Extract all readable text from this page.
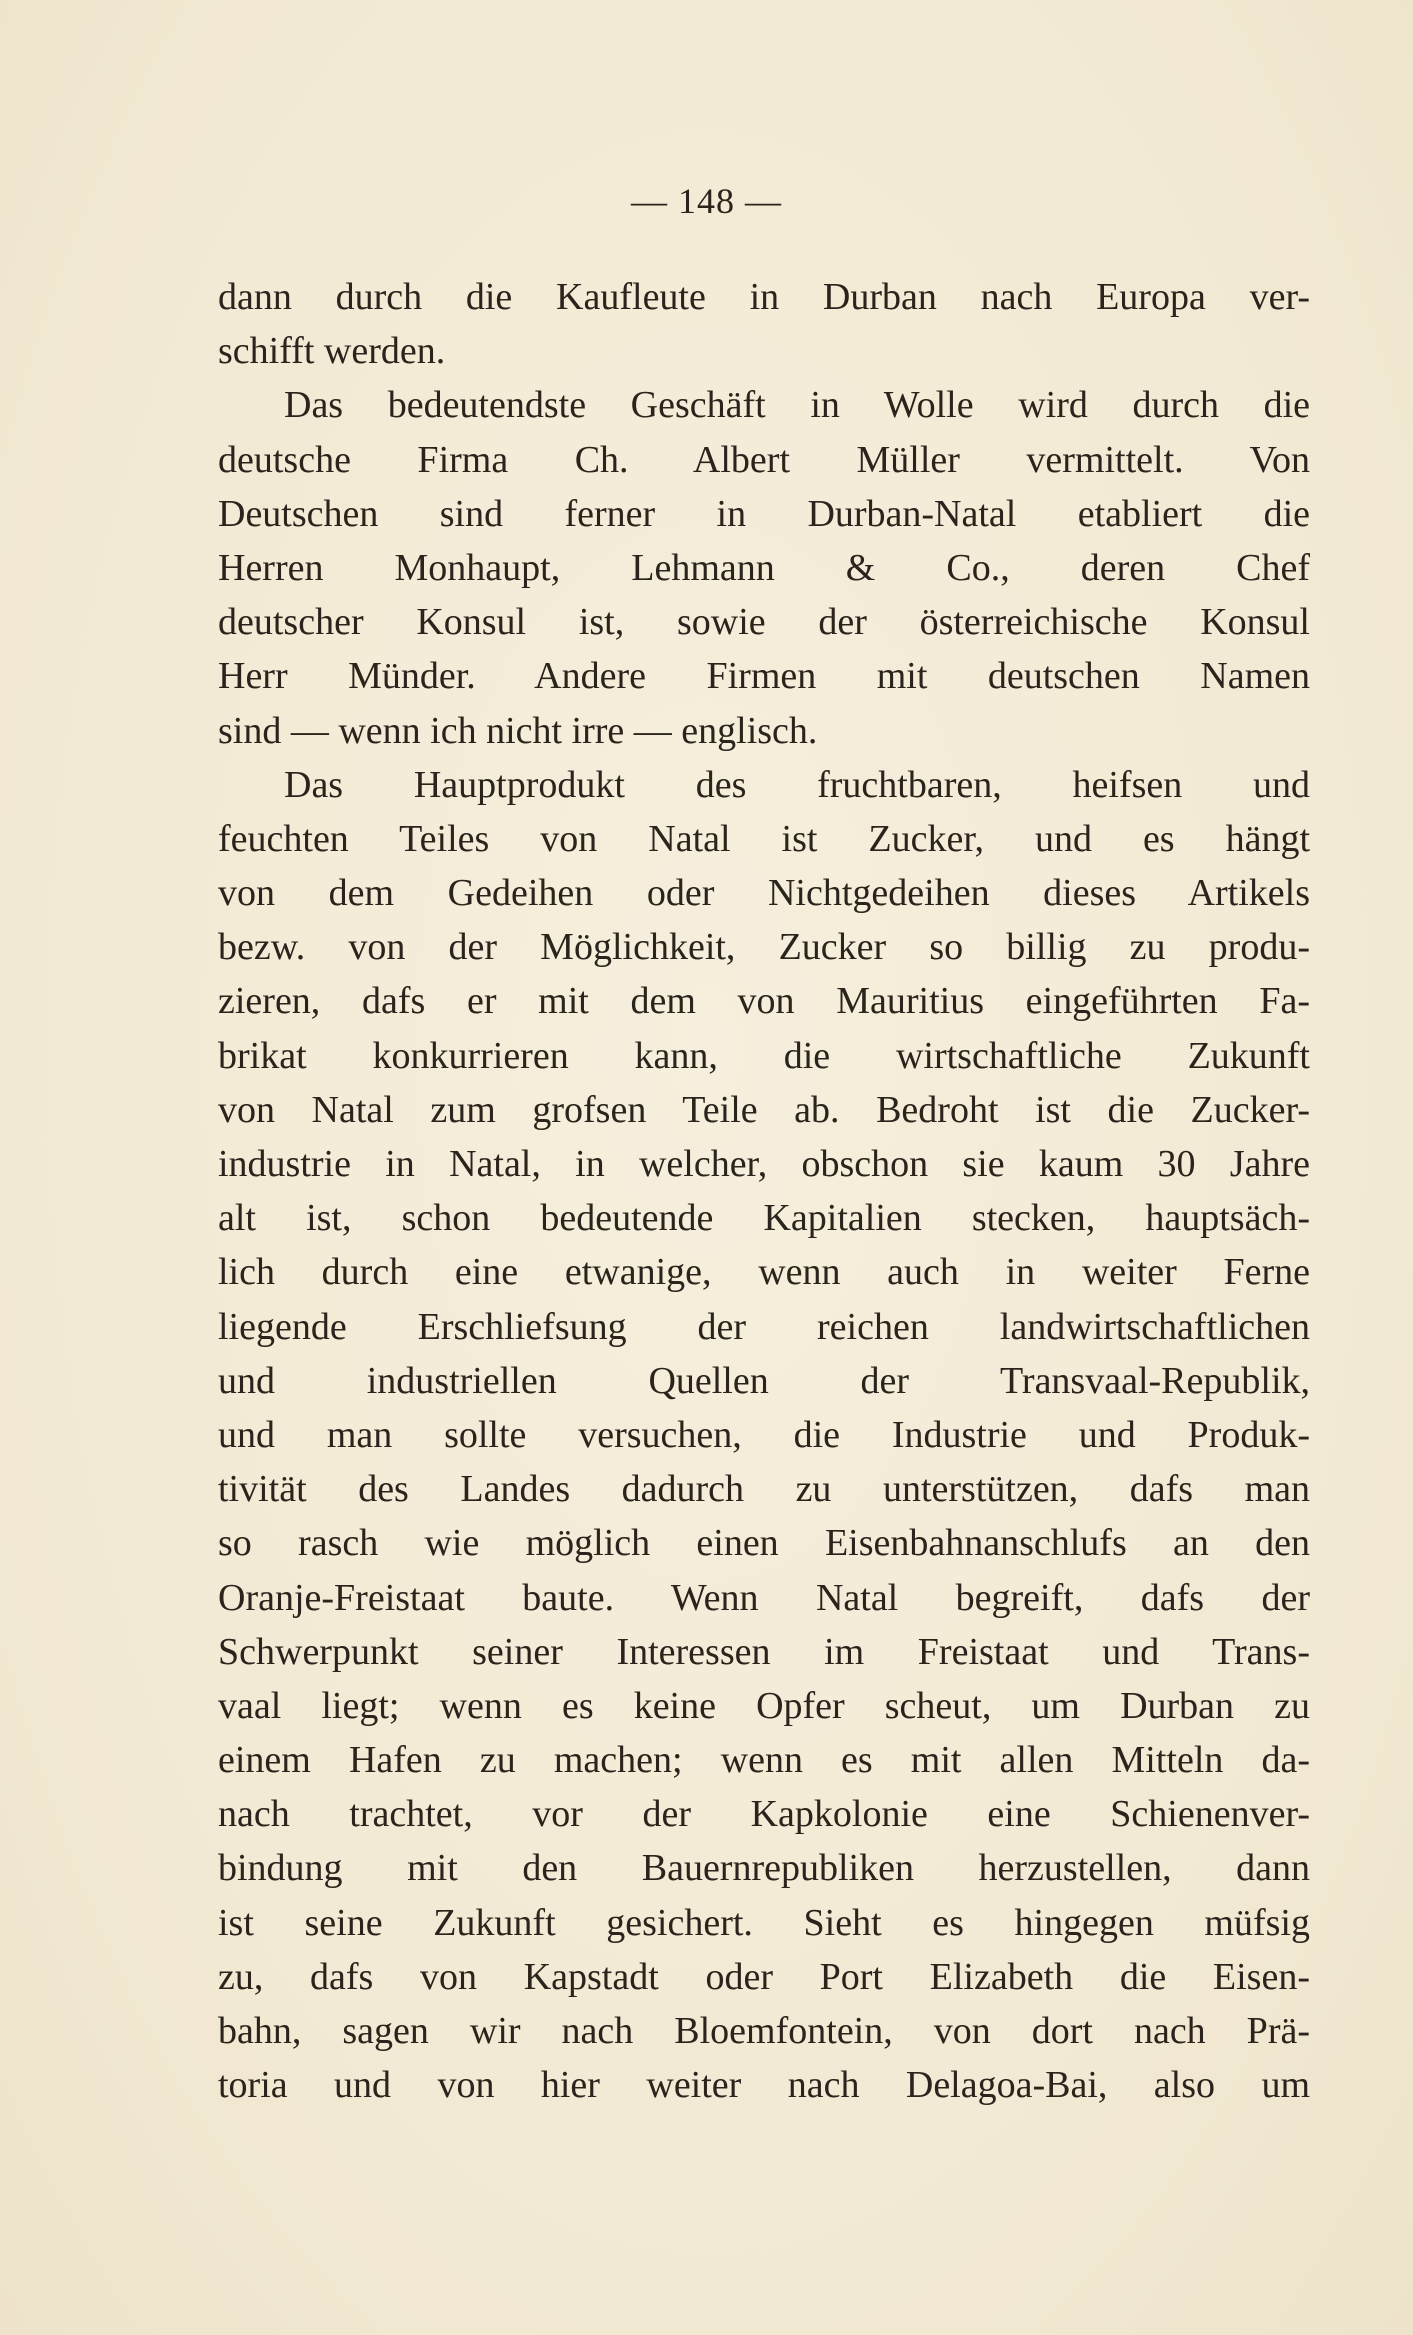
— 148 —
dann durch die Kaufleute in Durban nach Europa ver-
schifft werden.
Das bedeutendste Geschäft in Wolle wird durch die
deutsche Firma Ch. Albert Müller vermittelt. Von
Deutschen sind ferner in Durban-Natal etabliert die
Herren Monhaupt, Lehmann & Co., deren Chef
deutscher Konsul ist, sowie der österreichische Konsul
Herr Münder. Andere Firmen mit deutschen Namen
sind — wenn ich nicht irre — englisch.
Das Hauptprodukt des fruchtbaren, heifsen und
feuchten Teiles von Natal ist Zucker, und es hängt
von dem Gedeihen oder Nichtgedeihen dieses Artikels
bezw. von der Möglichkeit, Zucker so billig zu produ-
zieren, dafs er mit dem von Mauritius eingeführten Fa-
brikat konkurrieren kann, die wirtschaftliche Zukunft
von Natal zum grofsen Teile ab. Bedroht ist die Zucker-
industrie in Natal, in welcher, obschon sie kaum 30 Jahre
alt ist, schon bedeutende Kapitalien stecken, hauptsäch-
lich durch eine etwanige, wenn auch in weiter Ferne
liegende Erschliefsung der reichen landwirtschaftlichen
und industriellen Quellen der Transvaal-Republik,
und man sollte versuchen, die Industrie und Produk-
tivität des Landes dadurch zu unterstützen, dafs man
so rasch wie möglich einen Eisenbahnanschlufs an den
Oranje-Freistaat baute. Wenn Natal begreift, dafs der
Schwerpunkt seiner Interessen im Freistaat und Trans-
vaal liegt; wenn es keine Opfer scheut, um Durban zu
einem Hafen zu machen; wenn es mit allen Mitteln da-
nach trachtet, vor der Kapkolonie eine Schienenver-
bindung mit den Bauernrepubliken herzustellen, dann
ist seine Zukunft gesichert. Sieht es hingegen müfsig
zu, dafs von Kapstadt oder Port Elizabeth die Eisen-
bahn, sagen wir nach Bloemfontein, von dort nach Prä-
toria und von hier weiter nach Delagoa-Bai, also um
